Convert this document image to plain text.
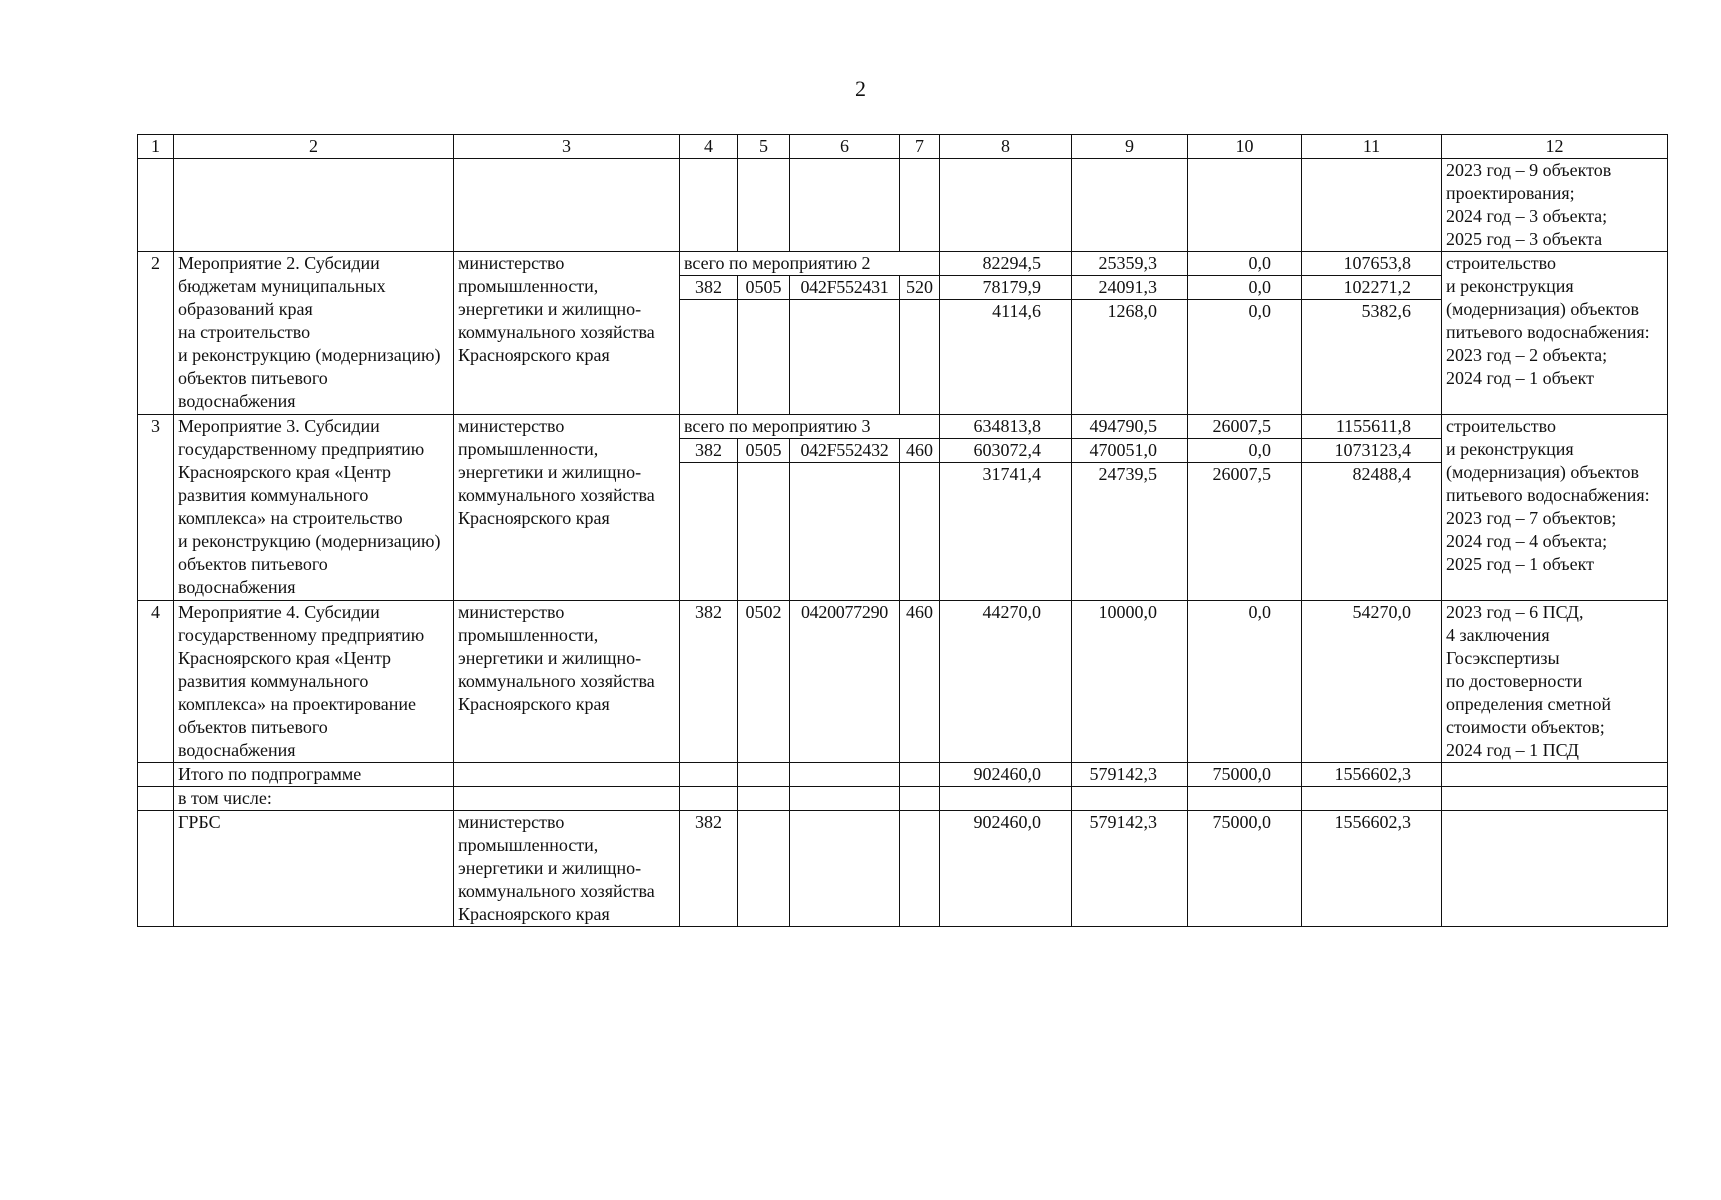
2
1	2	3	4	5	6	7	8	9	10	11	12
											2023 год – 9 объектов проектирования;
2024 год – 3 объекта;
2025 год – 3 объекта
2	Мероприятие 2. Субсидии бюджетам муниципальных образований края
на строительство
и реконструкцию (модернизацию) объектов питьевого водоснабжения	министерство промышленности, энергетики и жилищно-коммунального хозяйства Красноярского края	всего по мероприятию 2				82294,5	25359,3	0,0	107653,8	строительство
и реконструкция (модернизация) объектов питьевого водоснабжения:
2023 год – 2 объекта;
2024 год – 1 объект
			382	0505	042F552431	520	78179,9	24091,3	0,0	102271,2	
							4114,6	1268,0	0,0	5382,6	
3	Мероприятие 3. Субсидии государственному предприятию Красноярского края «Центр развития коммунального комплекса» на строительство
и реконструкцию (модернизацию) объектов питьевого водоснабжения	министерство промышленности, энергетики и жилищно-коммунального хозяйства Красноярского края	всего по мероприятию 3				634813,8	494790,5	26007,5	1155611,8	строительство
и реконструкция (модернизация) объектов питьевого водоснабжения:
2023 год – 7 объектов;
2024 год – 4 объекта;
2025 год – 1 объект
			382	0505	042F552432	460	603072,4	470051,0	0,0	1073123,4	
							31741,4	24739,5	26007,5	82488,4	
4	Мероприятие 4. Субсидии государственному предприятию Красноярского края «Центр развития коммунального комплекса» на проектирование объектов питьевого водоснабжения	министерство промышленности, энергетики и жилищно-коммунального хозяйства Красноярского края	382	0502	0420077290	460	44270,0	10000,0	0,0	54270,0	2023 год – 6 ПСД,
4 заключения Госэкспертизы
по достоверности определения сметной стоимости объектов;
2024 год – 1 ПСД
	Итого по подпрограмме						902460,0	579142,3	75000,0	1556602,3	
	в том числе:										
	ГРБС	министерство промышленности, энергетики и жилищно-коммунального хозяйства Красноярского края	382				902460,0	579142,3	75000,0	1556602,3	
